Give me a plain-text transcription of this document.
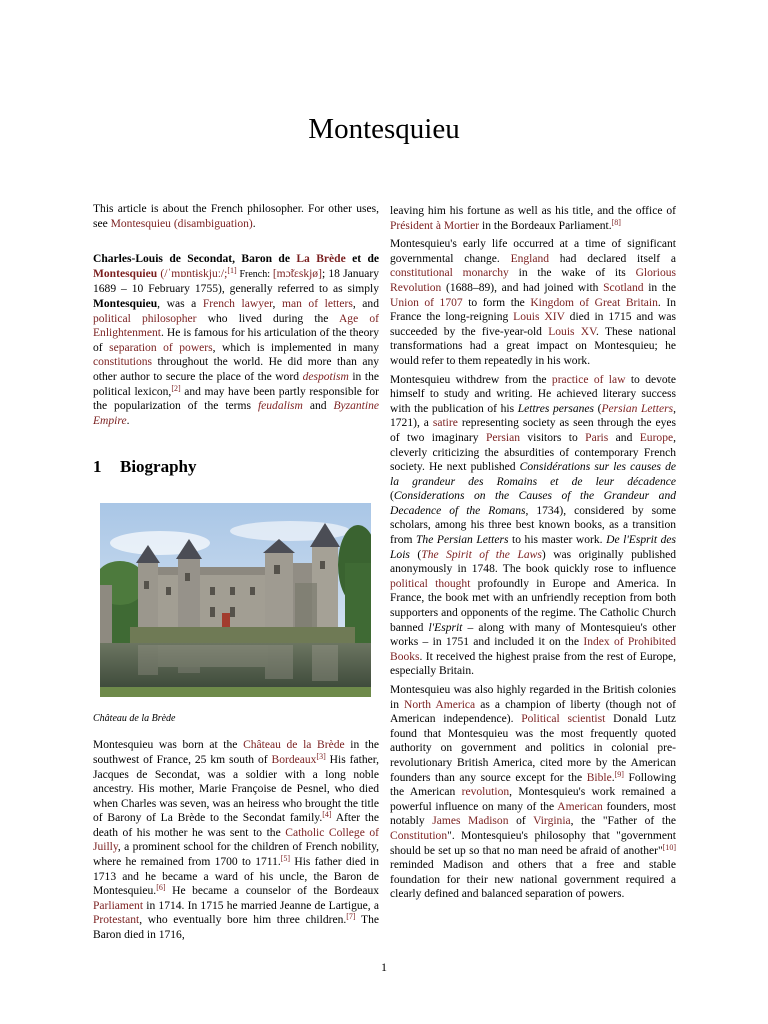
Montesquieu

This article is about the French philosopher. For other uses, see Montesquieu (disambiguation).

Charles-Louis de Secondat, Baron de La Brède et de Montesquieu (/ˈmɒntɨskjuː/;[1] French: [mɔ̃tɛskjø]; 18 January 1689 – 10 February 1755), generally referred to as simply Montesquieu, was a French lawyer, man of letters, and political philosopher who lived during the Age of Enlightenment. He is famous for his articulation of the theory of separation of powers, which is implemented in many constitutions throughout the world. He did more than any other author to secure the place of the word despotism in the political lexicon,[2] and may have been partly responsible for the popularization of the terms feudalism and Byzantine Empire.

1 Biography

Château de la Brède

Montesquieu was born at the Château de la Brède in the southwest of France, 25 km south of Bordeaux[3] His father, Jacques de Secondat, was a soldier with a long noble ancestry. His mother, Marie Françoise de Pesnel, who died when Charles was seven, was an heiress who brought the title of Barony of La Brède to the Secondat family.[4] After the death of his mother he was sent to the Catholic College of Juilly, a prominent school for the children of French nobility, where he remained from 1700 to 1711.[5] His father died in 1713 and he became a ward of his uncle, the Baron de Montesquieu.[6] He became a counselor of the Bordeaux Parliament in 1714. In 1715 he married Jeanne de Lartigue, a Protestant, who eventually bore him three children.[7] The Baron died in 1716,

leaving him his fortune as well as his title, and the office of Président à Mortier in the Bordeaux Parliament.[8]

Montesquieu's early life occurred at a time of significant governmental change. England had declared itself a constitutional monarchy in the wake of its Glorious Revolution (1688–89), and had joined with Scotland in the Union of 1707 to form the Kingdom of Great Britain. In France the long-reigning Louis XIV died in 1715 and was succeeded by the five-year-old Louis XV. These national transformations had a great impact on Montesquieu; he would refer to them repeatedly in his work.

Montesquieu withdrew from the practice of law to devote himself to study and writing. He achieved literary success with the publication of his Lettres persanes (Persian Letters, 1721), a satire representing society as seen through the eyes of two imaginary Persian visitors to Paris and Europe, cleverly criticizing the absurdities of contemporary French society. He next published Considérations sur les causes de la grandeur des Romains et de leur décadence (Considerations on the Causes of the Grandeur and Decadence of the Romans, 1734), considered by some scholars, among his three best known books, as a transition from The Persian Letters to his master work. De l'Esprit des Lois (The Spirit of the Laws) was originally published anonymously in 1748. The book quickly rose to influence political thought profoundly in Europe and America. In France, the book met with an unfriendly reception from both supporters and opponents of the regime. The Catholic Church banned l'Esprit – along with many of Montesquieu's other works – in 1751 and included it on the Index of Prohibited Books. It received the highest praise from the rest of Europe, especially Britain.

Montesquieu was also highly regarded in the British colonies in North America as a champion of liberty (though not of American independence). Political scientist Donald Lutz found that Montesquieu was the most frequently quoted authority on government and politics in colonial pre-revolutionary British America, cited more by the American founders than any source except for the Bible.[9] Following the American revolution, Montesquieu's work remained a powerful influence on many of the American founders, most notably James Madison of Virginia, the "Father of the Constitution". Montesquieu's philosophy that "government should be set up so that no man need be afraid of another"[10] reminded Madison and others that a free and stable foundation for their new national government required a clearly defined and balanced separation of powers.

1
